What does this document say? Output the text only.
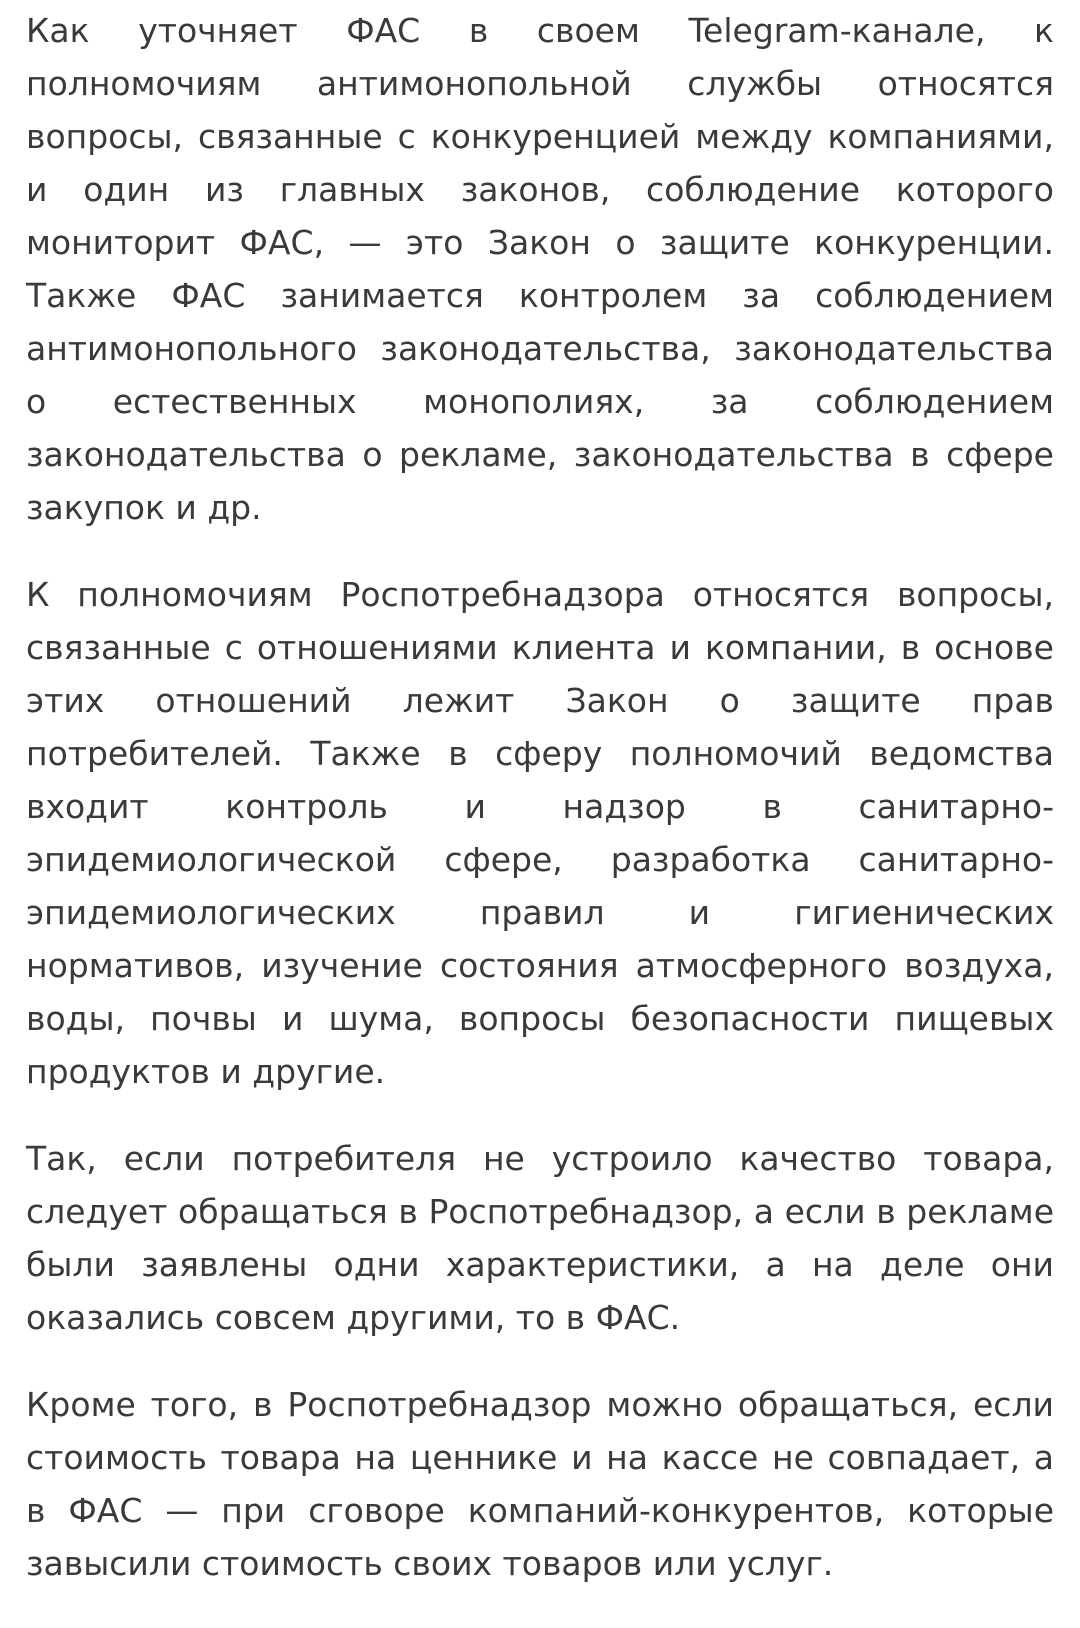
Как уточняет ФАС в своем Telegram-канале, к полномочиям антимонопольной службы относятся вопросы, связанные с конкуренцией между компаниями, и один из главных законов, соблюдение которого мониторит ФАС, — это Закон о защите конкуренции. Также ФАС занимается контролем за соблюдением антимонопольного законодательства, законодательства о естественных монополиях, за соблюдением законодательства о рекламе, законодательства в сфере закупок и др.

К полномочиям Роспотребнадзора относятся вопросы, связанные с отношениями клиента и компании, в основе этих отношений лежит Закон о защите прав потребителей. Также в сферу полномочий ведомства входит контроль и надзор в санитарно-эпидемиологической сфере, разработка санитарно-эпидемиологических правил и гигиенических нормативов, изучение состояния атмосферного воздуха, воды, почвы и шума, вопросы безопасности пищевых продуктов и другие.

Так, если потребителя не устроило качество товара, следует обращаться в Роспотребнадзор, а если в рекламе были заявлены одни характеристики, а на деле они оказались совсем другими, то в ФАС.

Кроме того, в Роспотребнадзор можно обращаться, если стоимость товара на ценнике и на кассе не совпадает, а в ФАС — при сговоре компаний-конкурентов, которые завысили стоимость своих товаров или услуг.
